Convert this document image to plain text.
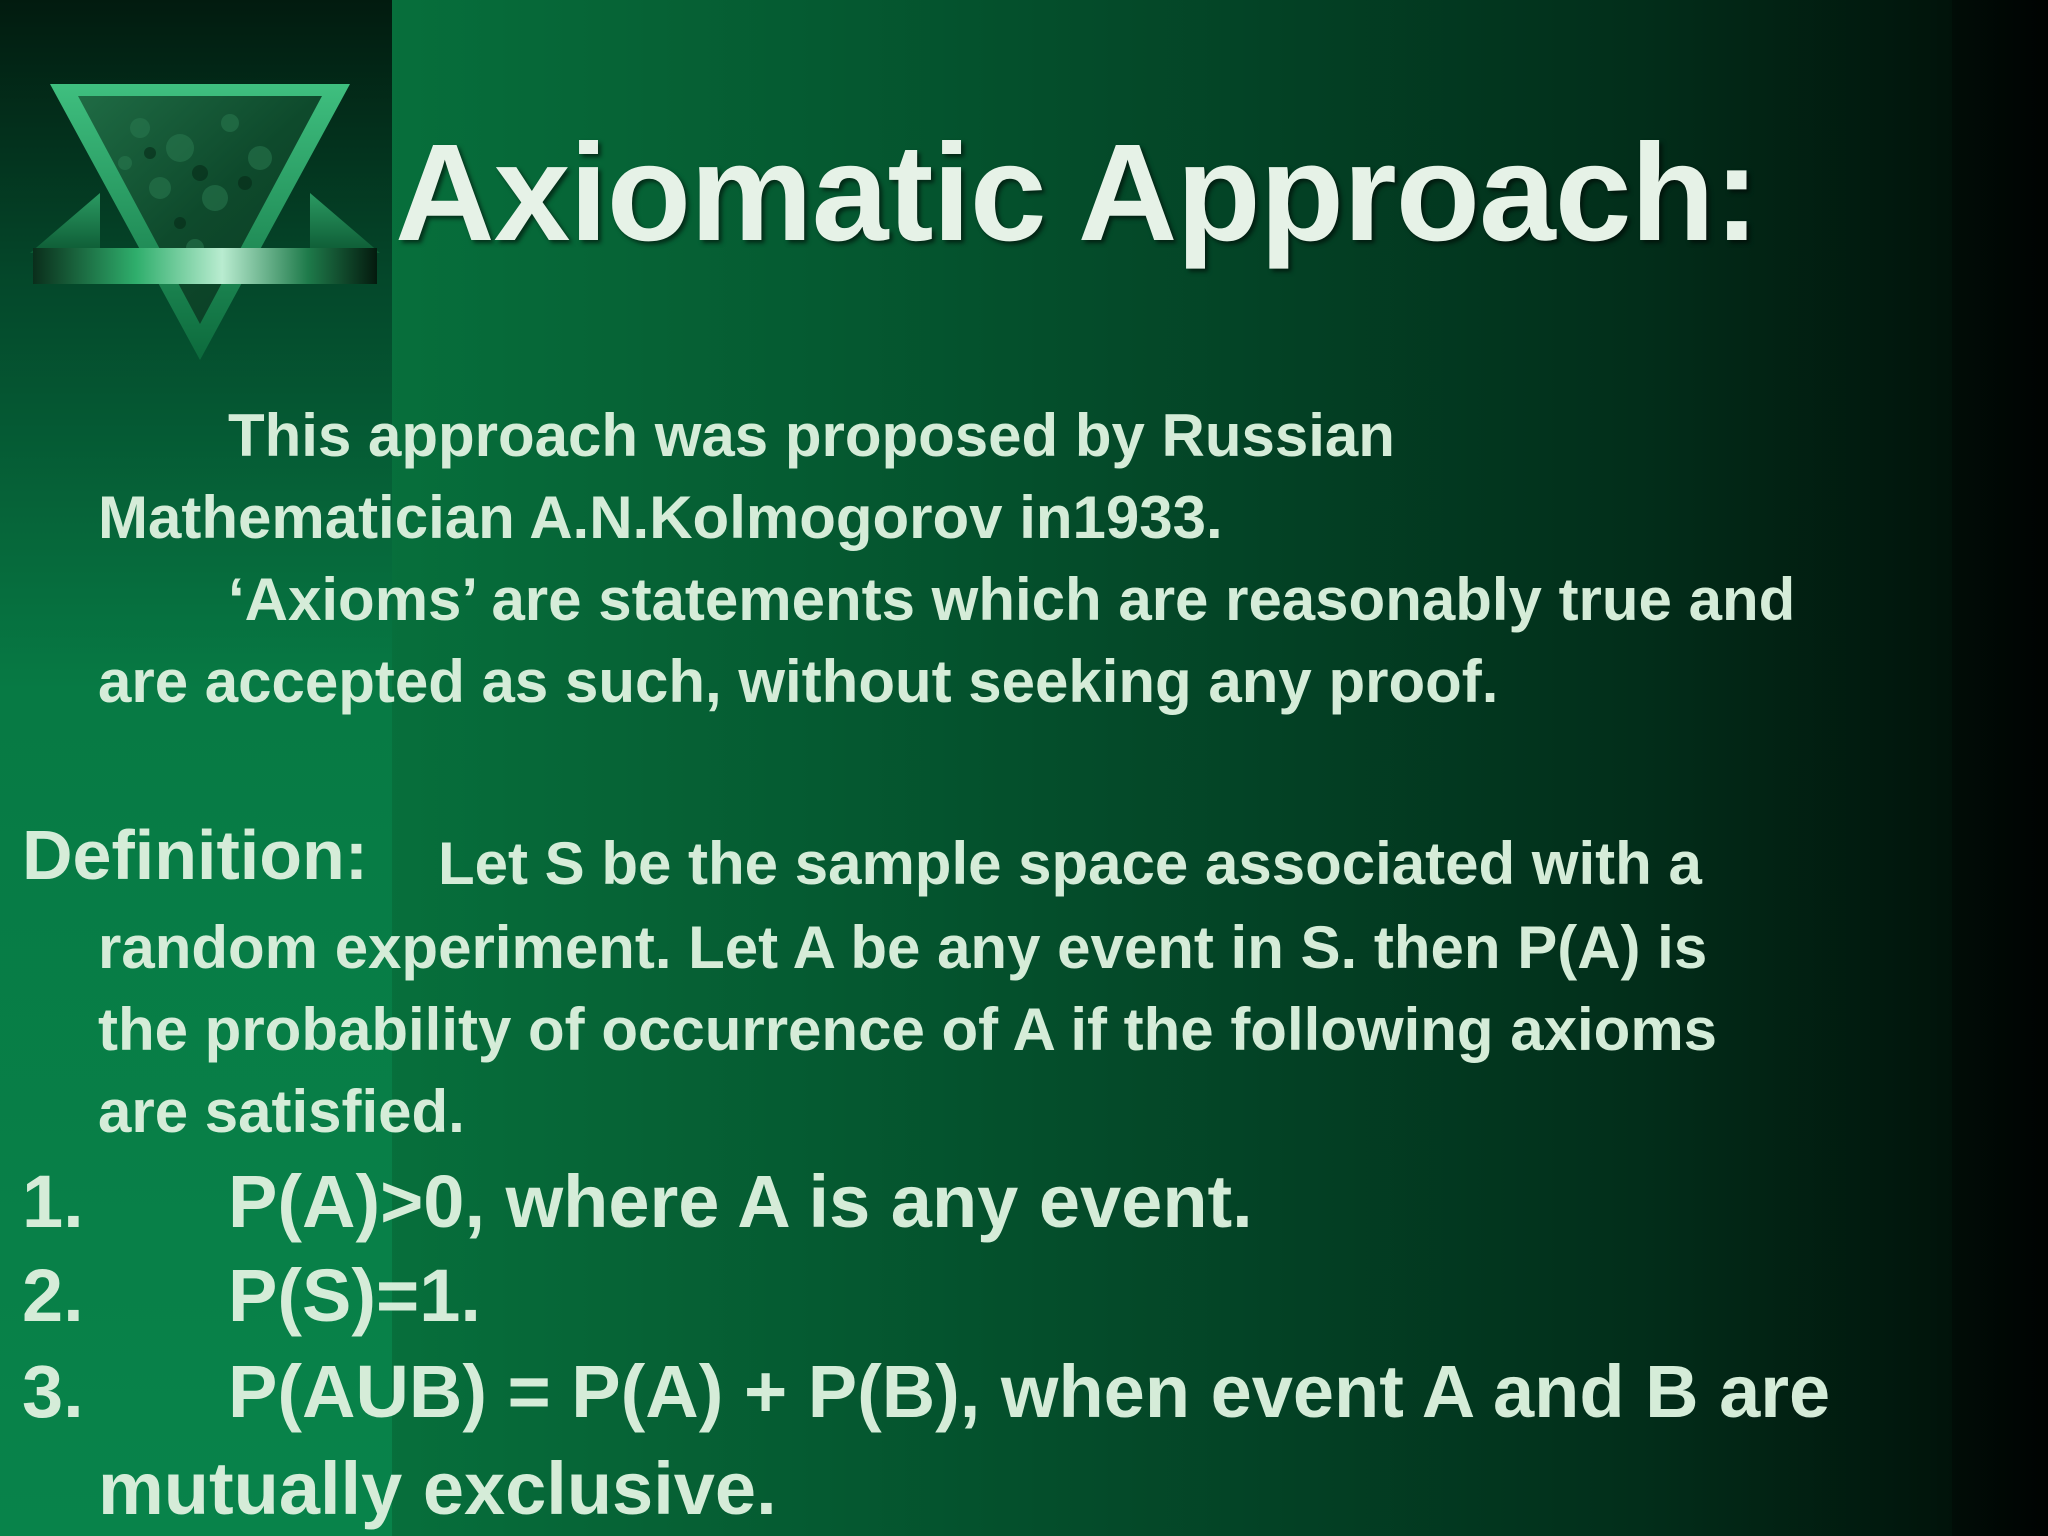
Axiomatic Approach:

This approach was proposed by Russian
Mathematician A.N.Kolmogorov in1933.
‘Axioms’ are statements which are reasonably true and
are accepted as such, without seeking any proof.

Definition: Let S be the sample space associated with a

random experiment. Let A be any event in S. then P(A) is
the probability of occurrence of A if the following axioms
are satisfied.

1. P(A)>0, where A is any event.
2. P(S)=1.
3. P(AUB) = P(A) + P(B), when event A and B are
mutually exclusive.
